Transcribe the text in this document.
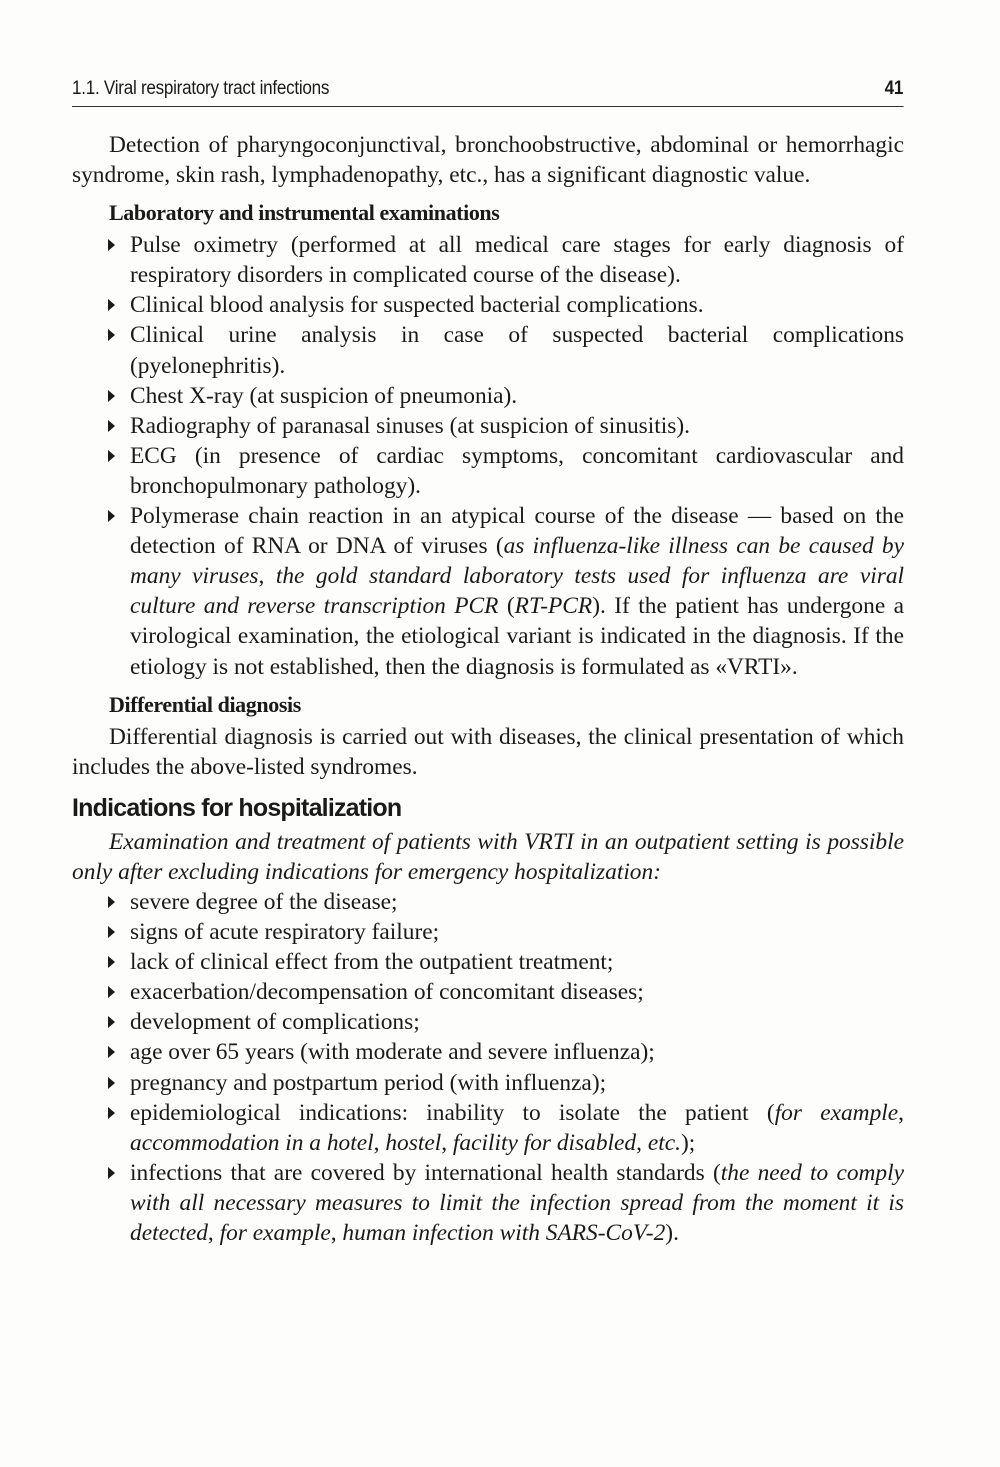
1.1. Viral respiratory tract infections	41

Detection of pharyngoconjunctival, bronchoobstructive, abdominal or hemorrhagic syndrome, skin rash, lymphadenopathy, etc., has a significant diagnostic value.

Laboratory and instrumental examinations
Pulse oximetry (performed at all medical care stages for early diagnosis of respiratory disorders in complicated course of the disease).
Clinical blood analysis for suspected bacterial complications.
Clinical urine analysis in case of suspected bacterial complications (pyelonephritis).
Chest X-ray (at suspicion of pneumonia).
Radiography of paranasal sinuses (at suspicion of sinusitis).
ECG (in presence of cardiac symptoms, concomitant cardiovascular and bronchopulmonary pathology).
Polymerase chain reaction in an atypical course of the disease — based on the detection of RNA or DNA of viruses (as influenza-like illness can be caused by many viruses, the gold standard laboratory tests used for influenza are viral culture and reverse transcription PCR (RT-PCR). If the patient has undergone a virological examination, the etiological variant is indicated in the diagnosis. If the etiology is not established, then the diagnosis is formulated as «VRTI».
Differential diagnosis

Differential diagnosis is carried out with diseases, the clinical presentation of which includes the above-listed syndromes.

Indications for hospitalization

Examination and treatment of patients with VRTI in an outpatient setting is possible only after excluding indications for emergency hospitalization:

severe degree of the disease;
signs of acute respiratory failure;
lack of clinical effect from the outpatient treatment;
exacerbation/decompensation of concomitant diseases;
development of complications;
age over 65 years (with moderate and severe influenza);
pregnancy and postpartum period (with influenza);
epidemiological indications: inability to isolate the patient (for example, accommodation in a hotel, hostel, facility for disabled, etc.);
infections that are covered by international health standards (the need to comply with all necessary measures to limit the infection spread from the moment it is detected, for example, human infection with SARS-CoV-2).
